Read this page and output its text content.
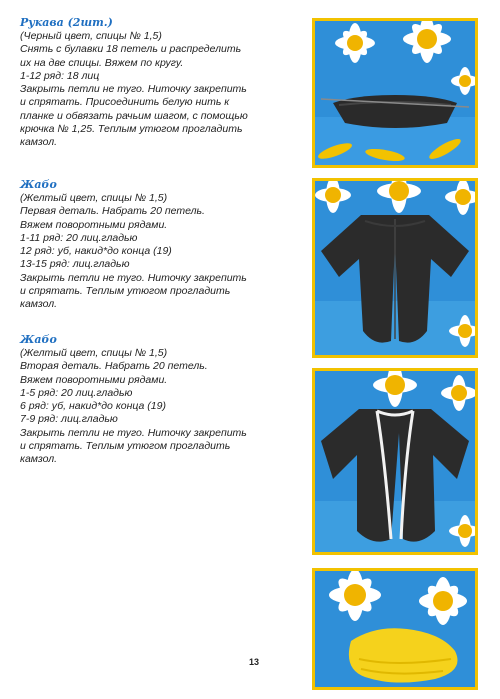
Рукава (2шт.)

(Черный цвет, спицы № 1,5)

Снять с булавки 18 петель и распределить

их на две спицы. Вяжем по кругу.

1-12 ряд: 18 лиц

Закрыть петли не туго. Ниточку закрепить

и спрятать. Присоединить белую нить к

планке и обвязать рачьим шагом, с помощью

крючка № 1,25. Теплым утюгом прогладить

камзол.

Жабо

(Желтый цвет, спицы № 1,5)

Первая деталь. Набрать 20 петель.

Вяжем поворотными рядами.

1-11 ряд: 20 лиц.гладью

12 ряд: уб, накид*до конца (19)

13-15 ряд: лиц.гладью

Закрыть петли не туго. Ниточку закрепить

и спрятать. Теплым утюгом прогладить

камзол.

Жабо

(Желтый цвет, спицы № 1,5)

Вторая деталь. Набрать 20 петель.

Вяжем поворотными рядами.

1-5 ряд: 20 лиц.гладью

6 ряд: уб, накид*до конца (19)

7-9 ряд: лиц.гладью

Закрыть петли не туго. Ниточку закрепить

и спрятать. Теплым утюгом прогладить

камзол.

13
